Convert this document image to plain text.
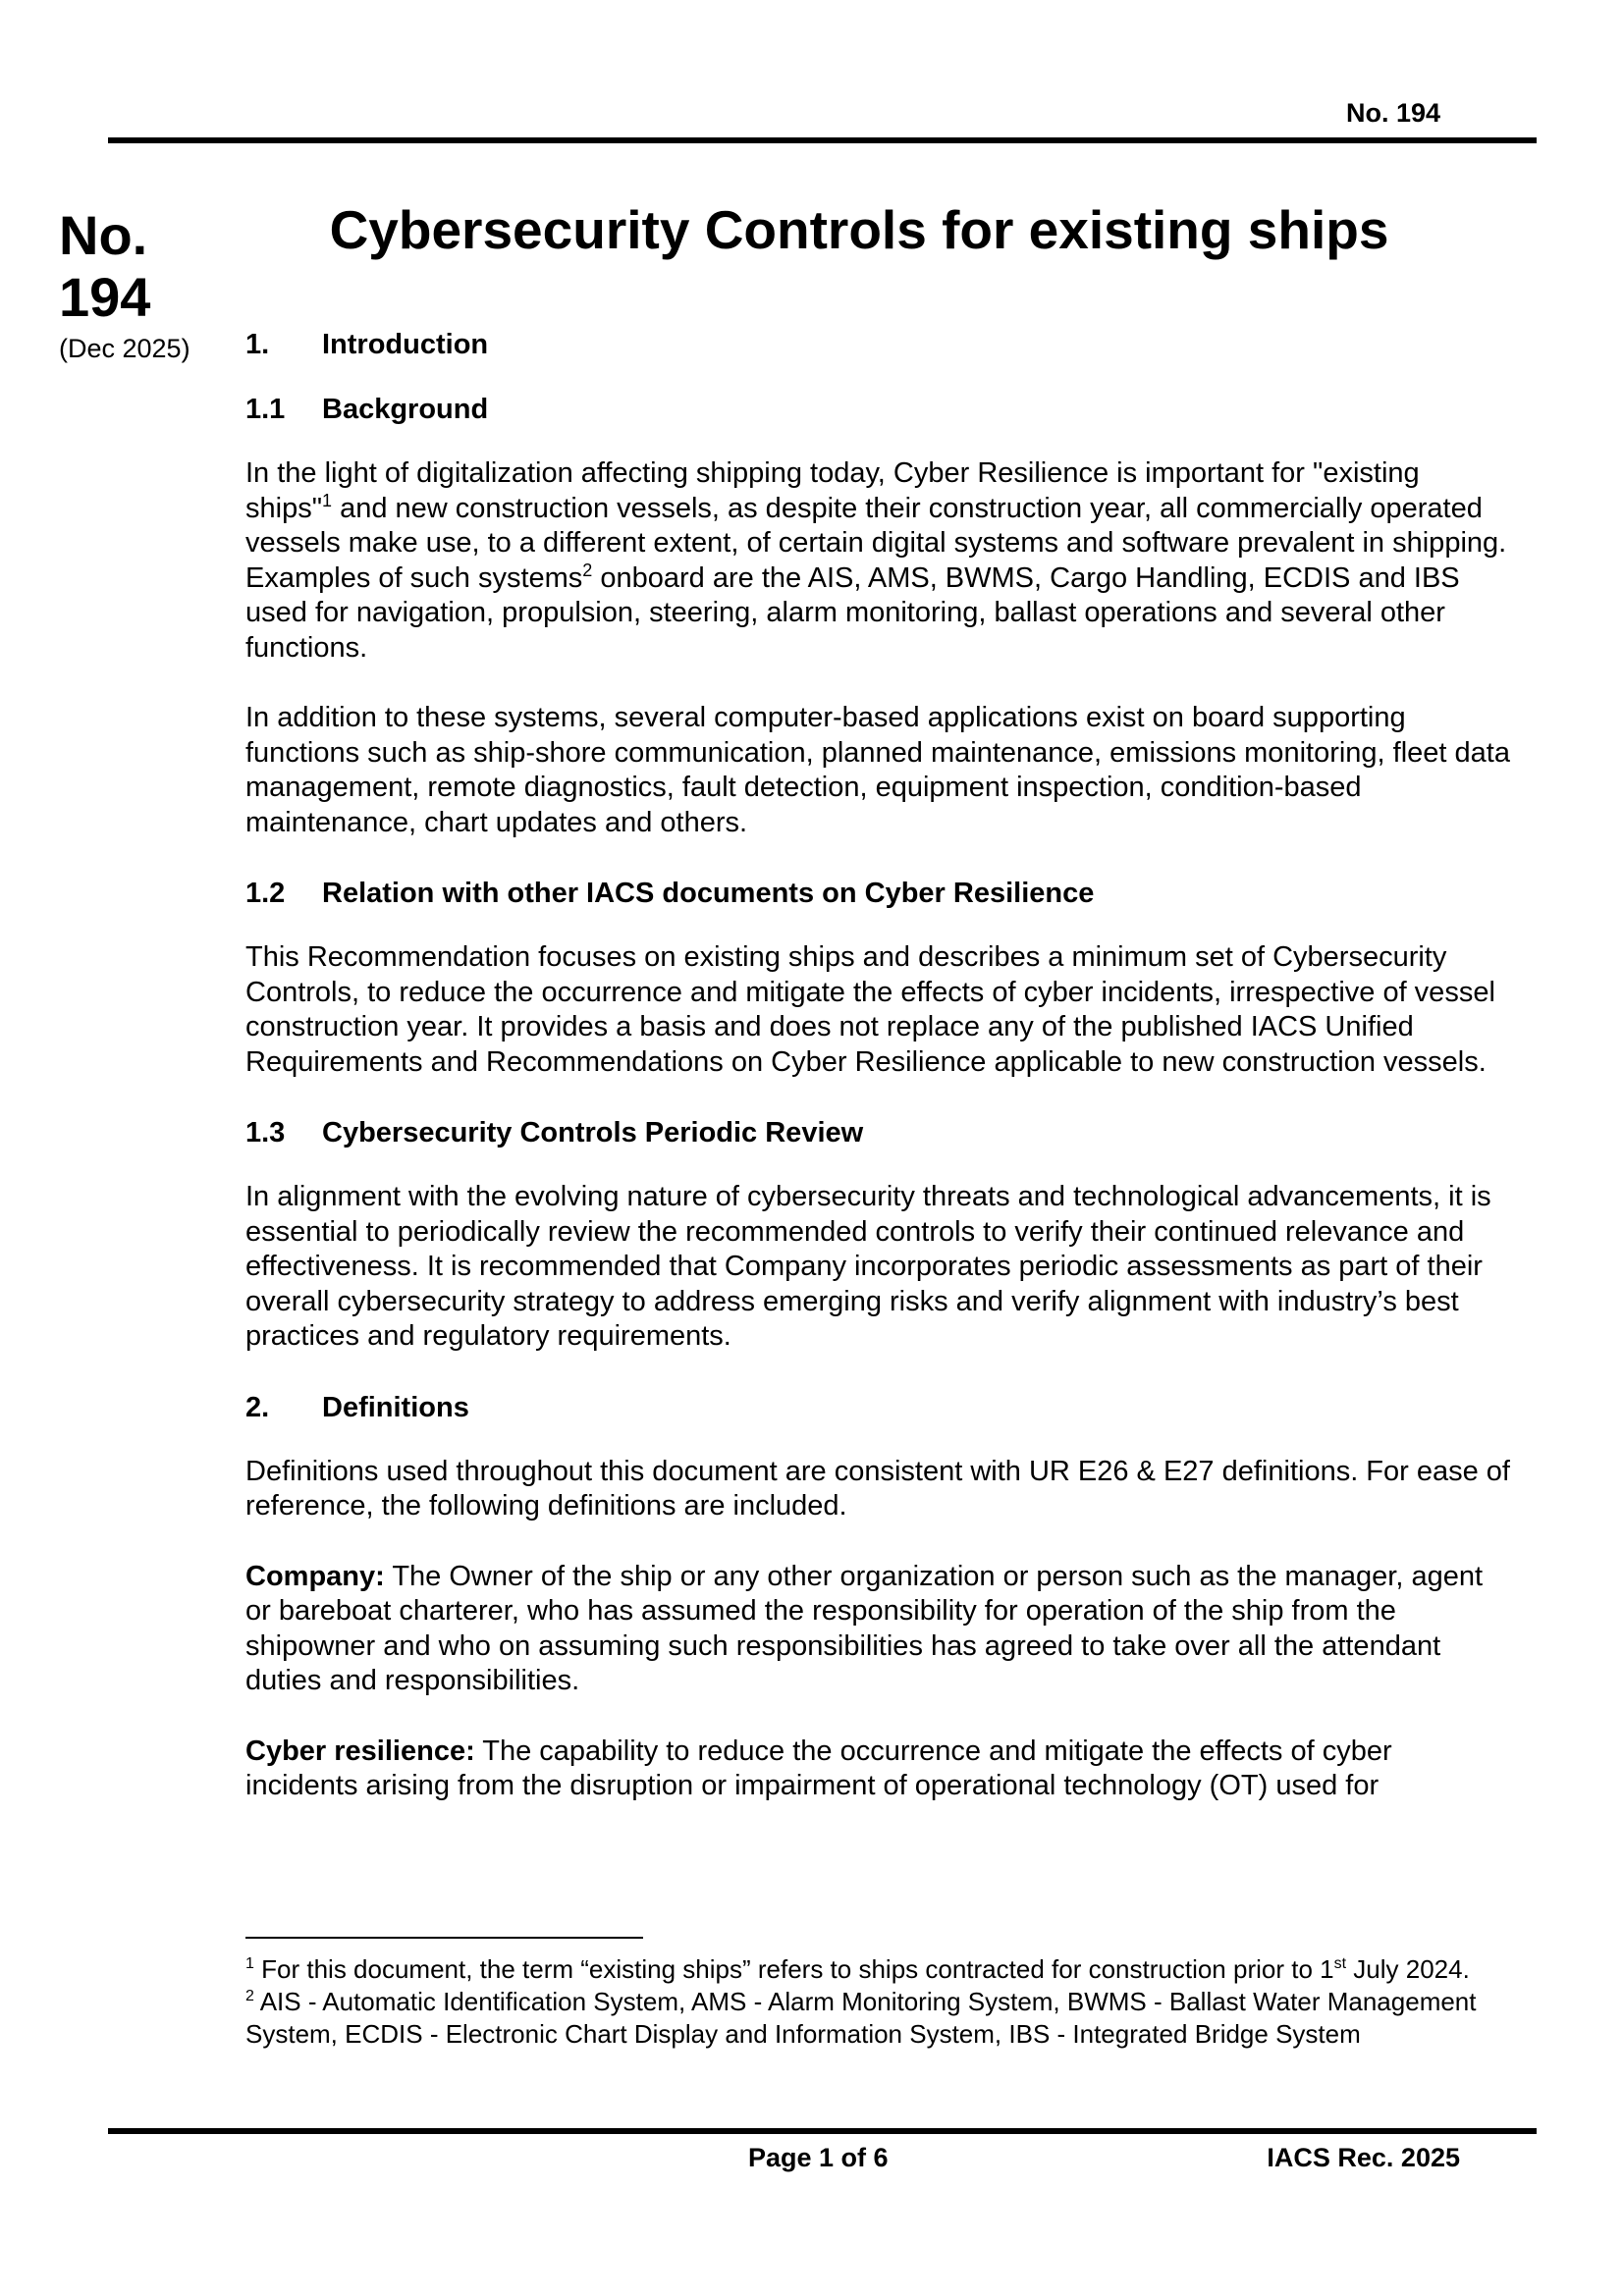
No. 194
No.
194
(Dec 2025)
Cybersecurity Controls for existing ships
1. Introduction
1.1 Background

In the light of digitalization affecting shipping today, Cyber Resilience is important for "existing ships"$^1$ and new construction vessels, as despite their construction year, all commercially operated vessels make use, to a different extent, of certain digital systems and software prevalent in shipping. Examples of such systems$^2$ onboard are the AIS, AMS, BWMS, Cargo Handling, ECDIS and IBS used for navigation, propulsion, steering, alarm monitoring, ballast operations and several other functions.

In addition to these systems, several computer-based applications exist on board supporting functions such as ship-shore communication, planned maintenance, emissions monitoring, fleet data management, remote diagnostics, fault detection, equipment inspection, condition-based maintenance, chart updates and others.

1.2 Relation with other IACS documents on Cyber Resilience

This Recommendation focuses on existing ships and describes a minimum set of Cybersecurity Controls, to reduce the occurrence and mitigate the effects of cyber incidents, irrespective of vessel construction year. It provides a basis and does not replace any of the published IACS Unified Requirements and Recommendations on Cyber Resilience applicable to new construction vessels.

1.3 Cybersecurity Controls Periodic Review

In alignment with the evolving nature of cybersecurity threats and technological advancements, it is essential to periodically review the recommended controls to verify their continued relevance and effectiveness. It is recommended that Company incorporates periodic assessments as part of their overall cybersecurity strategy to address emerging risks and verify alignment with industry’s best practices and regulatory requirements.

2. Definitions

Definitions used throughout this document are consistent with UR E26 & E27 definitions. For ease of reference, the following definitions are included.

Company: The Owner of the ship or any other organization or person such as the manager, agent or bareboat charterer, who has assumed the responsibility for operation of the ship from the shipowner and who on assuming such responsibilities has agreed to take over all the attendant duties and responsibilities.

Cyber resilience: The capability to reduce the occurrence and mitigate the effects of cyber incidents arising from the disruption or impairment of operational technology (OT) used for

$^1$ For this document, the term “existing ships” refers to ships contracted for construction prior to 1st July 2024.

$^2$ AIS - Automatic Identification System, AMS - Alarm Monitoring System, BWMS - Ballast Water Management System, ECDIS - Electronic Chart Display and Information System, IBS - Integrated Bridge System

Page 1 of 6	IACS Rec. 2025
